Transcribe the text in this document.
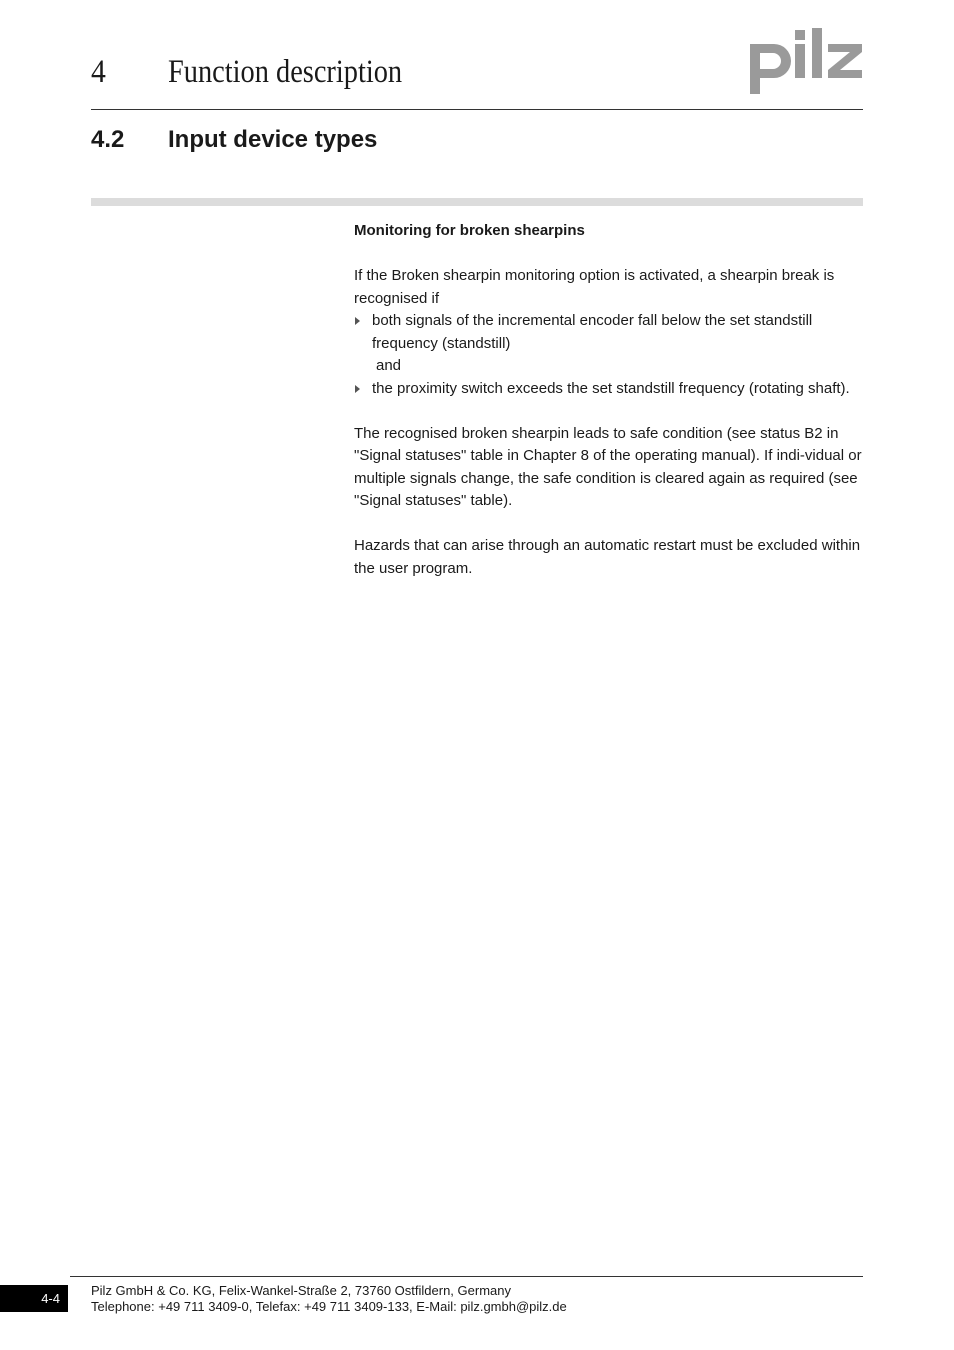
4 Function description
4.2 Input device types

Monitoring for broken shearpins

If the Broken shearpin monitoring option is activated, a shearpin break is recognised if

both signals of the incremental encoder fall below the set standstill frequency (standstill)

and

the proximity switch exceeds the set standstill frequency (rotating shaft).

The recognised broken shearpin leads to safe condition (see status B2 in "Signal statuses" table in Chapter 8 of the operating manual). If indi-vidual or multiple signals change, the safe condition is cleared again as required (see "Signal statuses" table).

Hazards that can arise through an automatic restart must be excluded within the user program.

4-4
Pilz GmbH & Co. KG, Felix-Wankel-Straße 2, 73760 Ostfildern, Germany
Telephone: +49 711 3409-0, Telefax: +49 711 3409-133, E-Mail: pilz.gmbh@pilz.de
